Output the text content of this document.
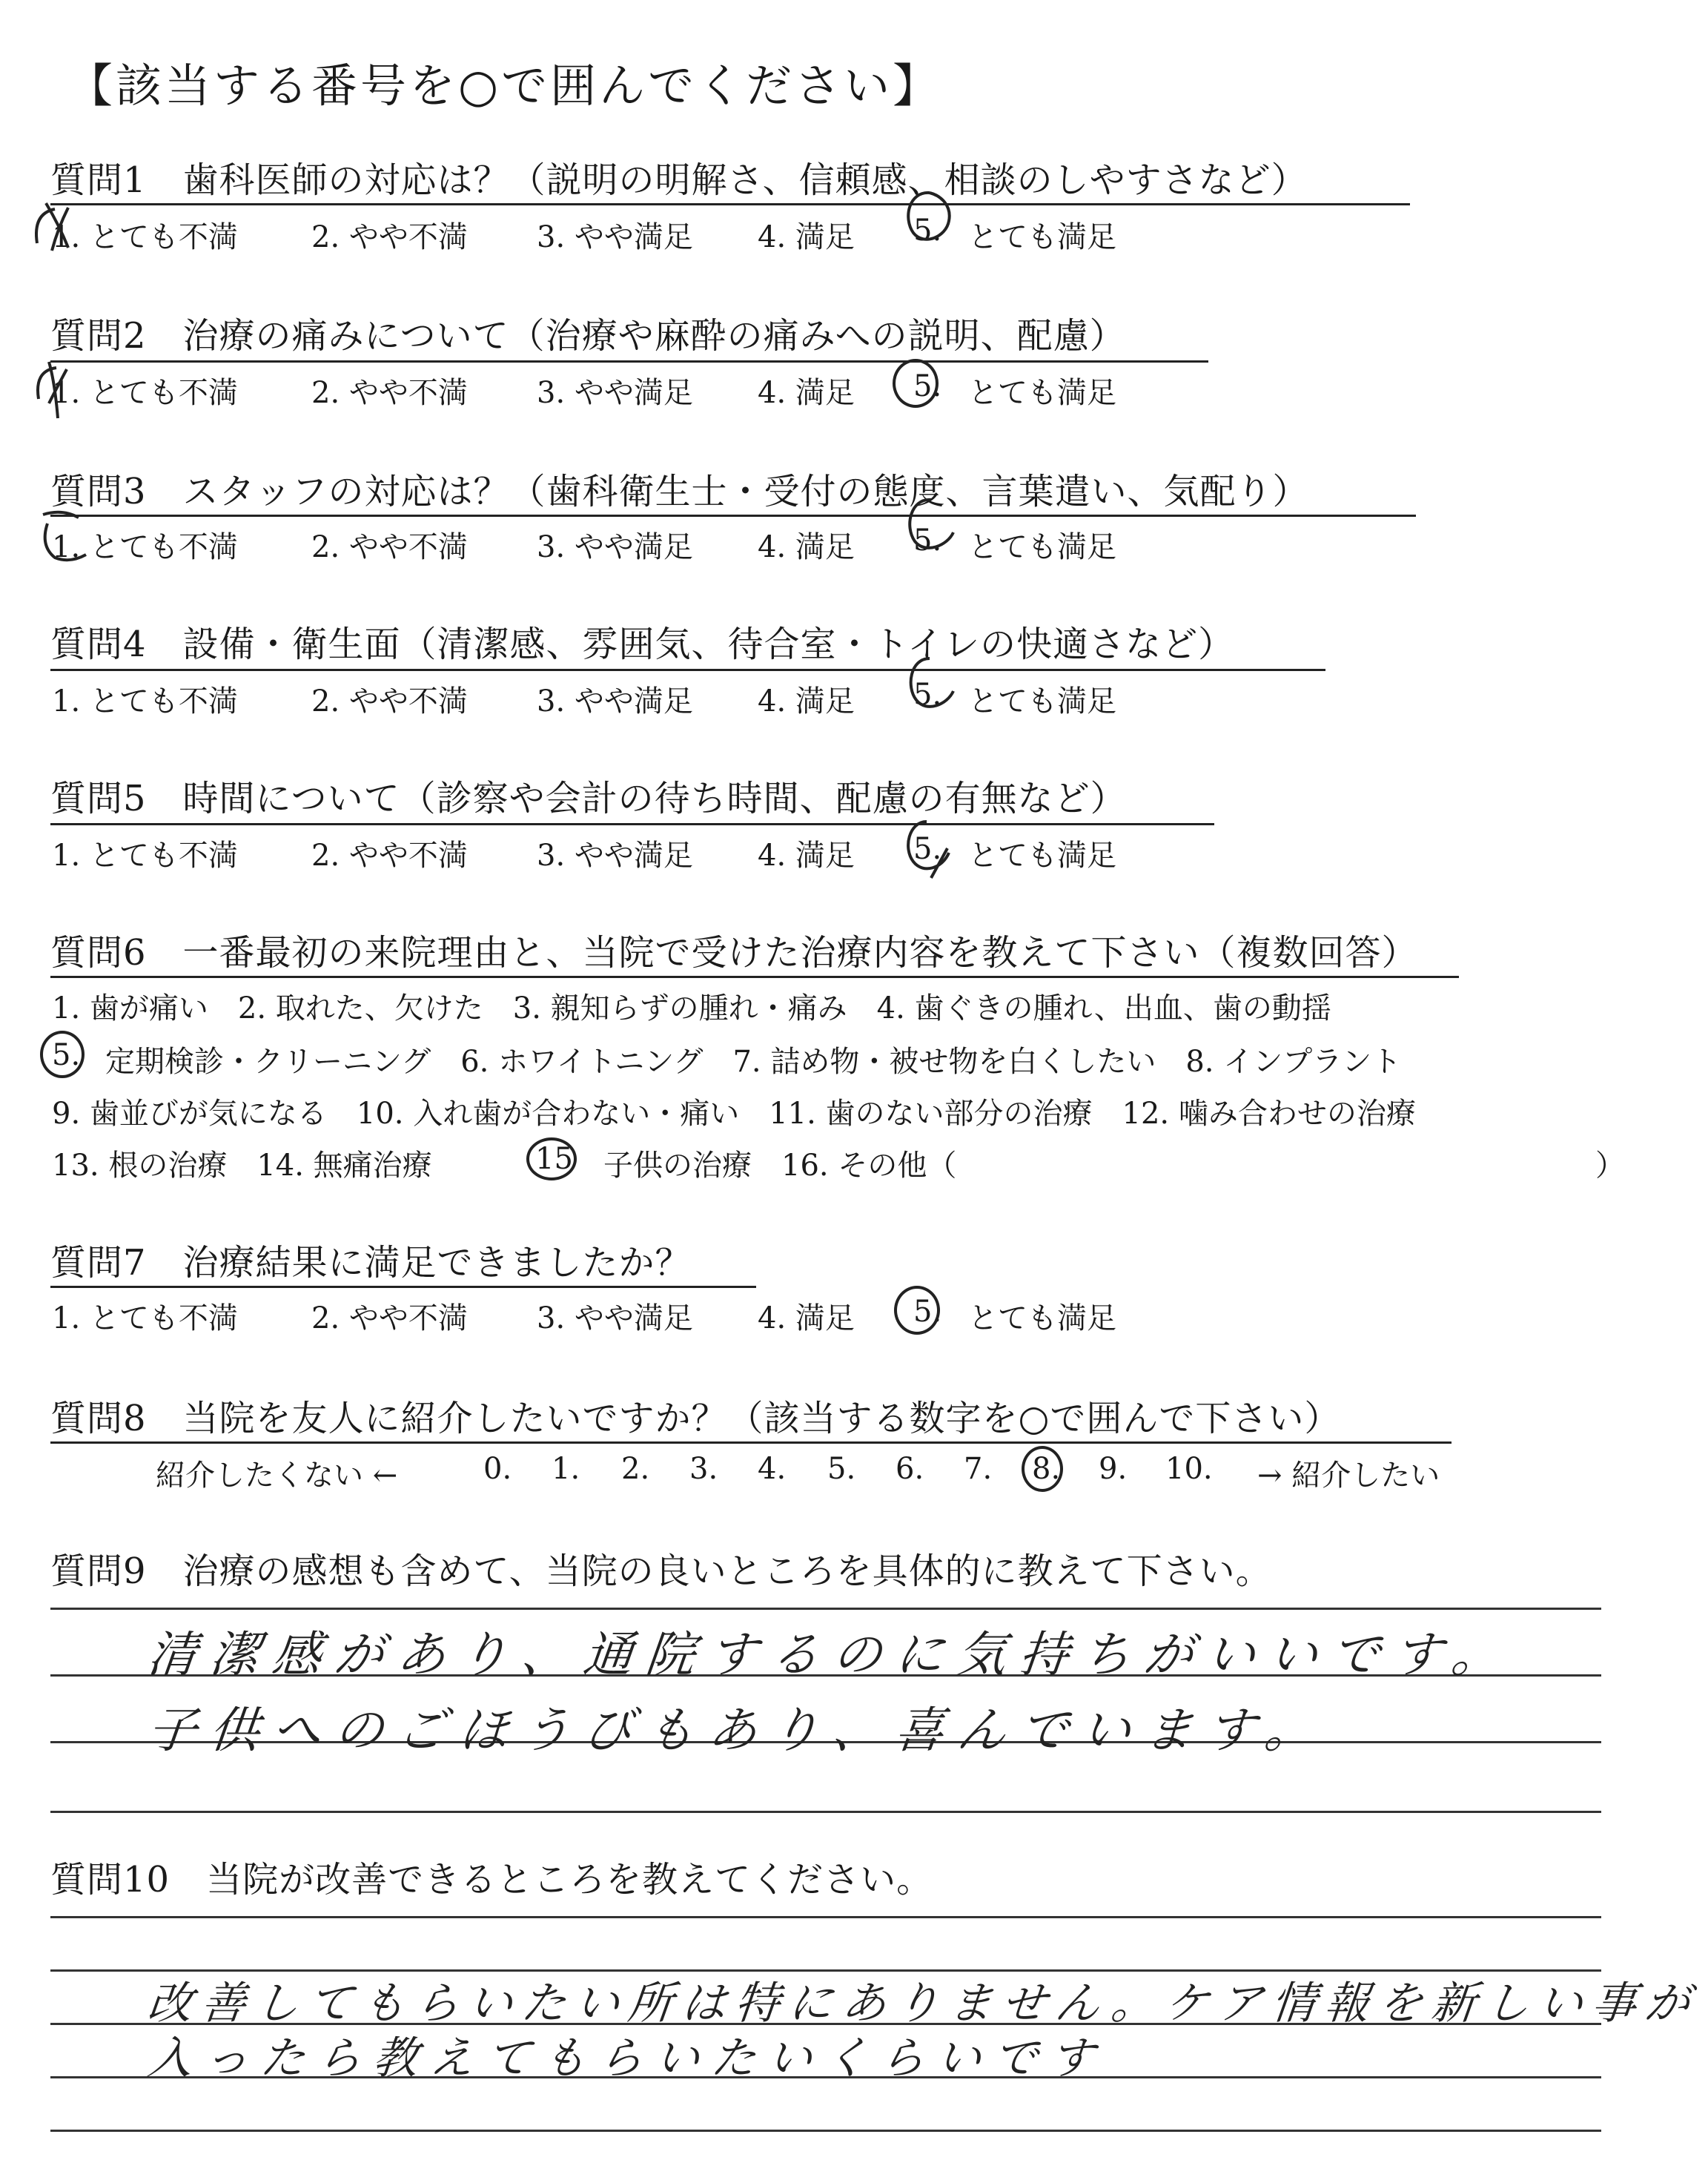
【該当する番号を○で囲んでください】
質問1　歯科医師の対応は？（説明の明解さ、信頼感、相談のしやすさなど）
1. とても不満 2. やや不満 3. やや満足 4. 満足 5. とても満足
質問2　治療の痛みについて（治療や麻酔の痛みへの説明、配慮）
1. とても不満 2. やや不満 3. やや満足 4. 満足 5. とても満足
質問3　スタッフの対応は？（歯科衛生士・受付の態度、言葉遣い、気配り）
1. とても不満 2. やや不満 3. やや満足 4. 満足 5. とても満足
質問4　設備・衛生面（清潔感、雰囲気、待合室・トイレの快適さなど）
1. とても不満 2. やや不満 3. やや満足 4. 満足 5. とても満足
質問5　時間について（診察や会計の待ち時間、配慮の有無など）
1. とても不満 2. やや不満 3. やや満足 4. 満足 5. とても満足
質問6　一番最初の来院理由と、当院で受けた治療内容を教えて下さい（複数回答）
1. 歯が痛い　2. 取れた、欠けた　3. 親知らずの腫れ・痛み　4. 歯ぐきの腫れ、出血、歯の動揺
5. 定期検診・クリーニング　6. ホワイトニング　7. 詰め物・被せ物を白くしたい　8. インプラント
9. 歯並びが気になる　10. 入れ歯が合わない・痛い　11. 歯のない部分の治療　12. 噛み合わせの治療
13. 根の治療　14. 無痛治療	15 子供の治療　16. その他（	）
質問7　治療結果に満足できましたか？
1. とても不満 2. やや不満 3. やや満足 4. 満足 5. とても満足
質問8　当院を友人に紹介したいですか？（該当する数字を○で囲んで下さい）
紹介したくない ←	0. 1. 2. 3. 4. 5. 6. 7. 8. 9. 10. → 紹介したい
質問9　治療の感想も含めて、当院の良いところを具体的に教えて下さい。
清潔感があり、通院するのに気持ちがいいです。
子供へのごほうびもあり、喜んでいます。
質問10　当院が改善できるところを教えてください。
改善してもらいたい所は特にありません。ケア情報を新しい事が
入ったら教えてもらいたいくらいです
